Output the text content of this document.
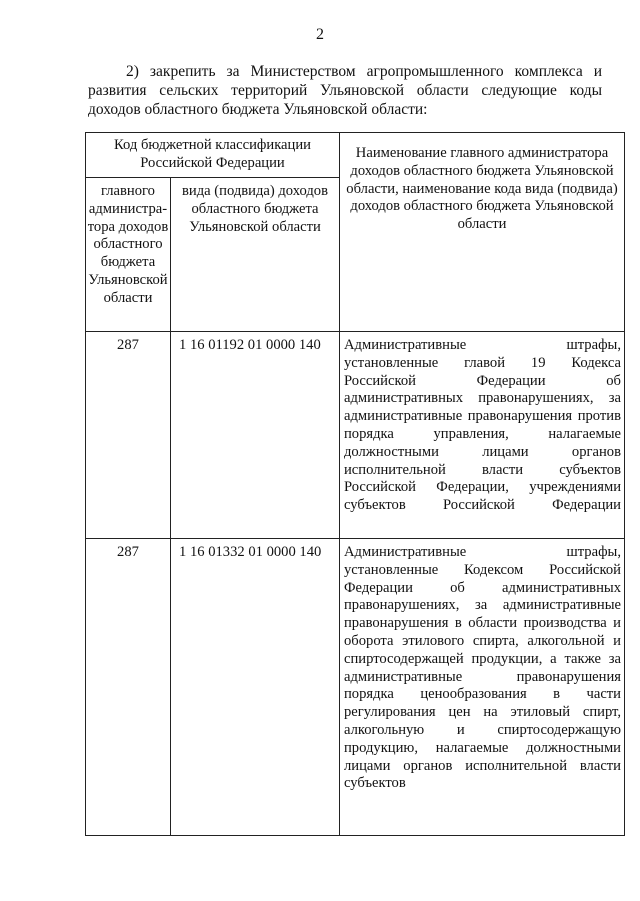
2

2) закрепить за Министерством агропромышленного комплекса и развития сельских территорий Ульяновской области следующие коды доходов областного бюджета Ульяновской области:

Код бюджетной классификации Российской Федерации		Наименование главного администратора доходов областного бюджета Ульяновской области, наименование кода вида (подвида) доходов областного бюджета Ульяновской области
главного администра-тора доходов областного бюджета Ульяновской области	вида (подвида) доходов областного бюджета Ульяновской области	
287	1 16 01192 01 0000 140	Административные штрафы, установленные главой 19 Кодекса Российской Федерации об административных правонарушениях, за административные правонарушения против порядка управления, налагаемые должностными лицами органов исполнительной власти субъектов Российской Федерации, учреждениями субъектов Российской Федерации
287	1 16 01332 01 0000 140	Административные штрафы, установленные Кодексом Российской Федерации об административных правонарушениях, за административные правонарушения в области производства и оборота этилового спирта, алкогольной и спиртосодержащей продукции, а также за административные правонарушения порядка ценообразования в части регулирования цен на этиловый спирт, алкогольную и спиртосодержащую продукцию, налагаемые должностными лицами органов исполнительной власти субъектов
